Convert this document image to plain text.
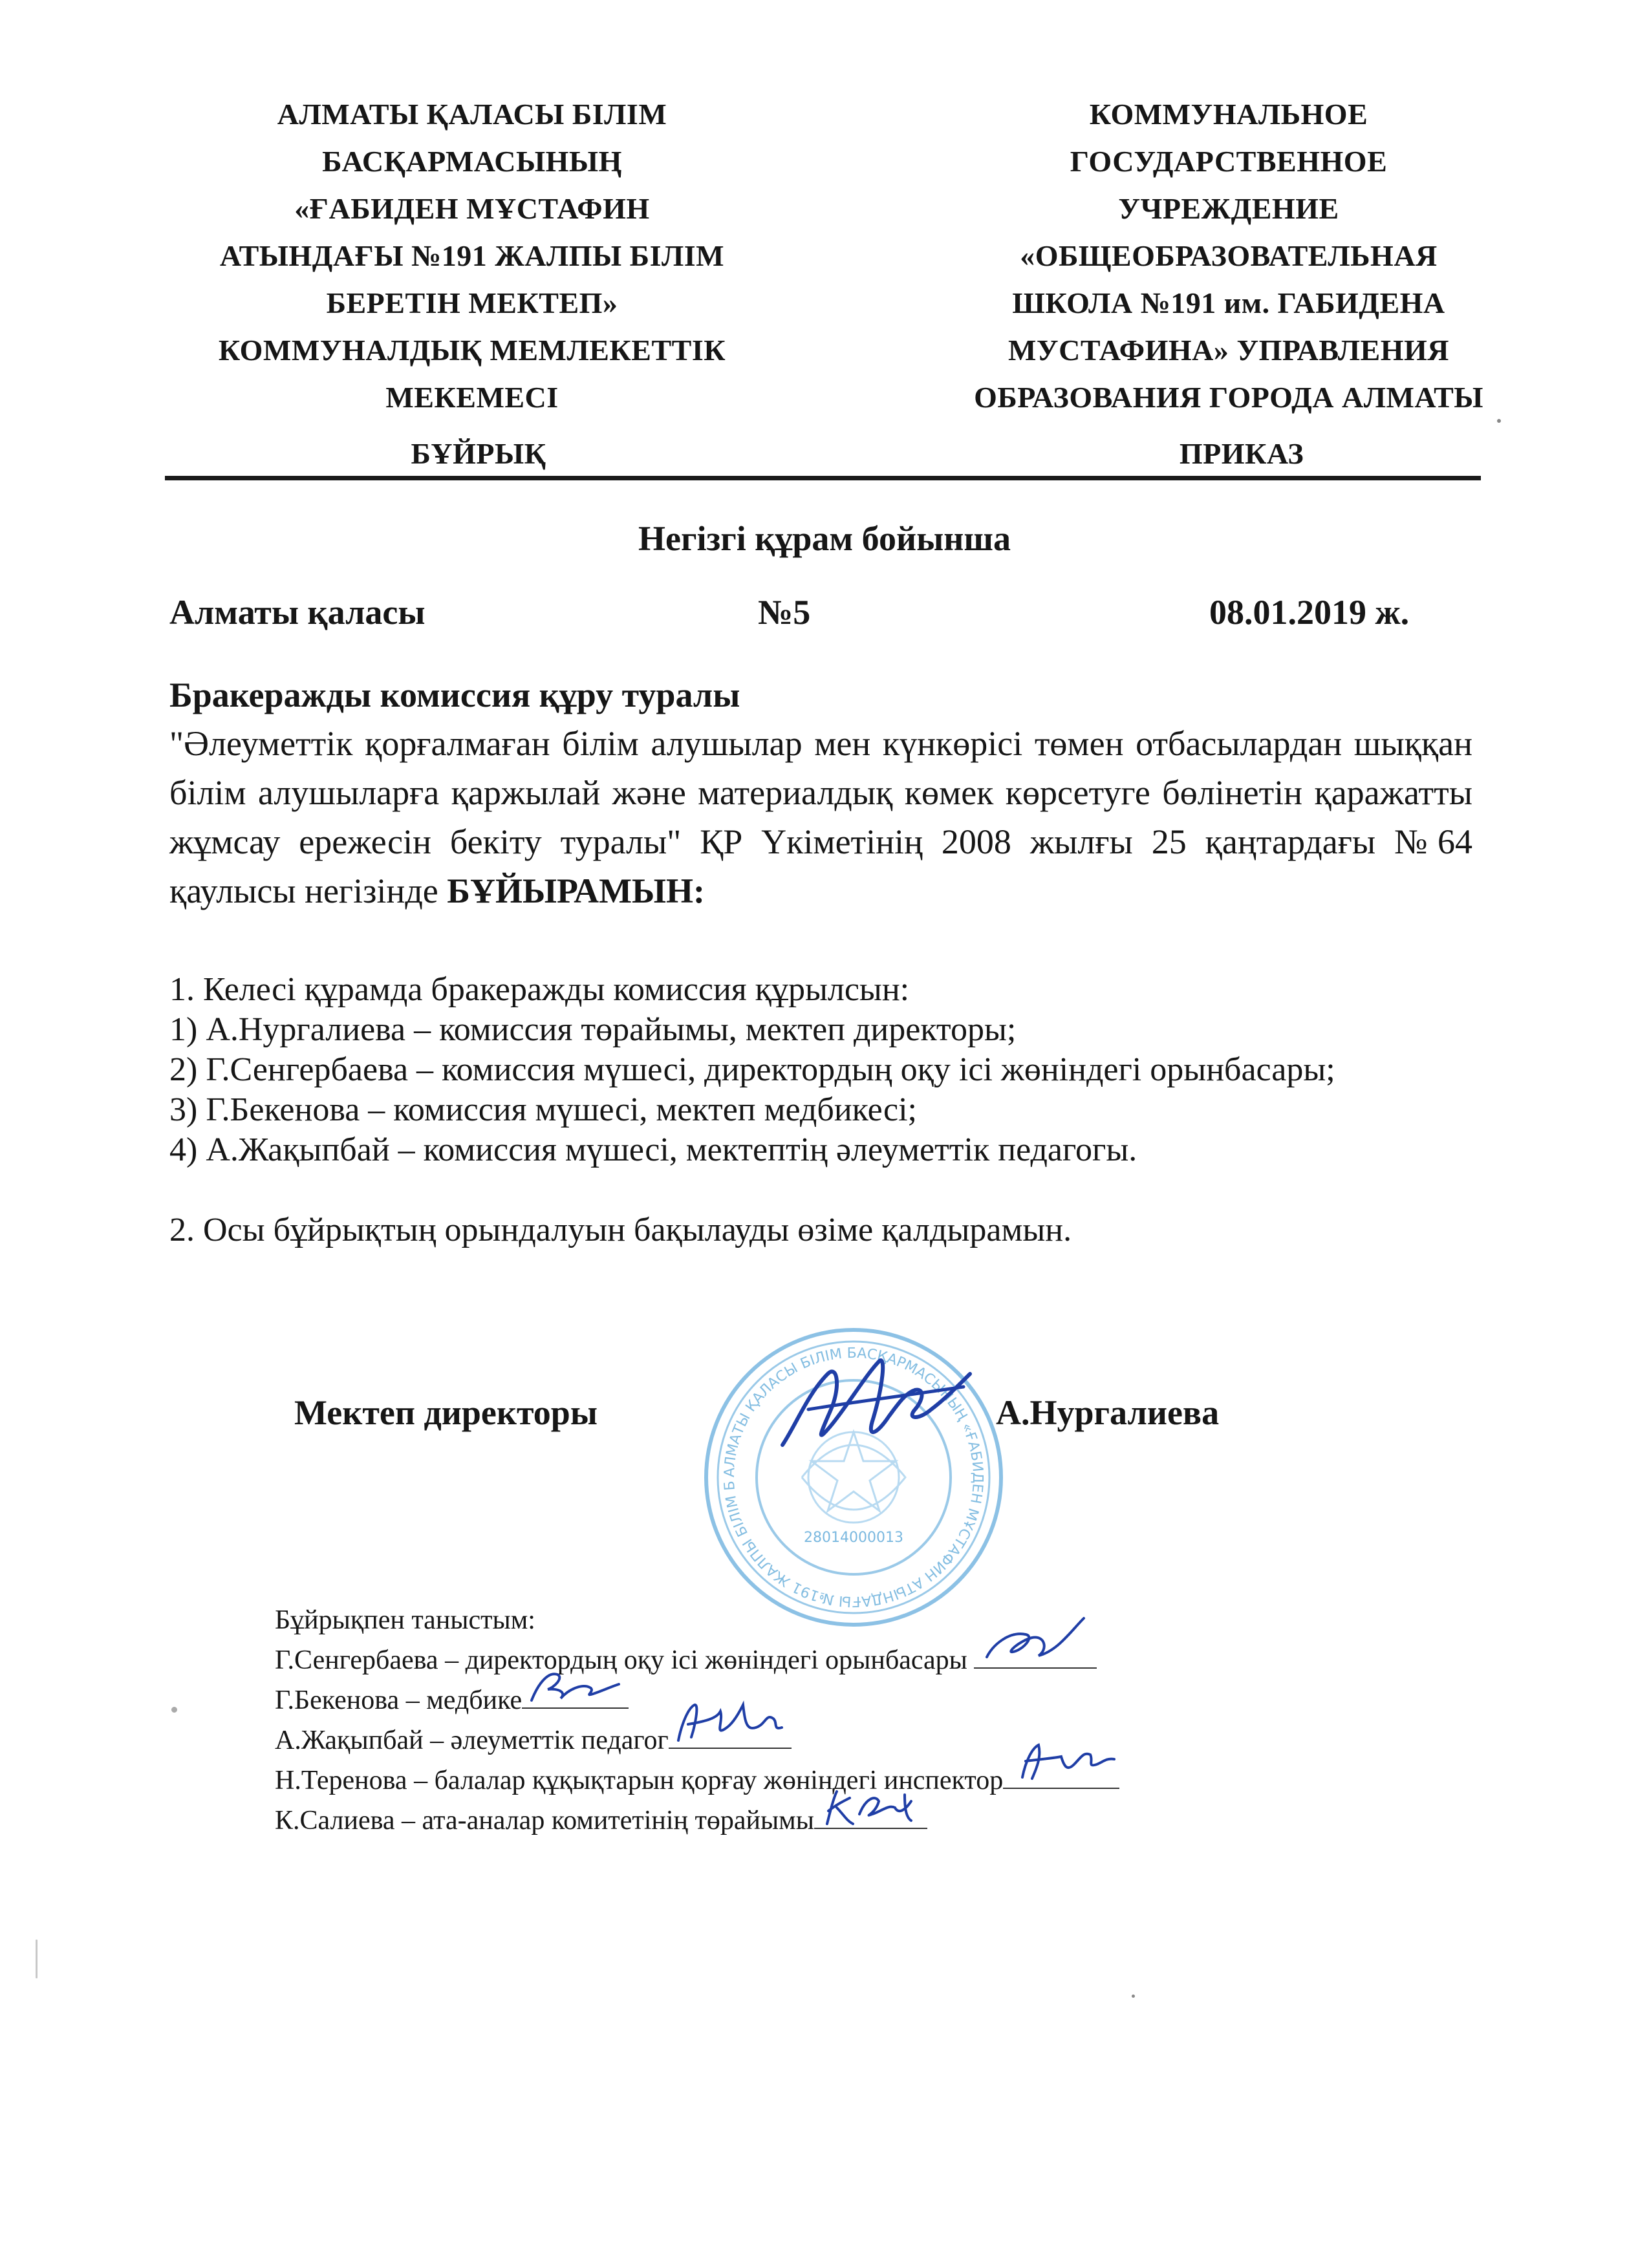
АЛМАТЫ ҚАЛАСЫ БІЛІМ
БАСҚАРМАСЫНЫҢ
«ҒАБИДЕН МҰСТАФИН
АТЫНДАҒЫ №191 ЖАЛПЫ БІЛІМ
БЕРЕТІН МЕКТЕП»
КОММУНАЛДЫҚ МЕМЛЕКЕТТІК
МЕКЕМЕСІ
КОММУНАЛЬНОЕ
ГОСУДАРСТВЕННОЕ
УЧРЕЖДЕНИЕ
«ОБЩЕОБРАЗОВАТЕЛЬНАЯ
ШКОЛА №191 им. ГАБИДЕНА
МУСТАФИНА» УПРАВЛЕНИЯ
ОБРАЗОВАНИЯ ГОРОДА АЛМАТЫ
БҰЙРЫҚ	ПРИКАЗ
Негізгі құрам бойынша
Алматы қаласы	№5	08.01.2019 ж.
Бракеражды комиссия құру туралы
"Әлеуметтік қорғалмаған білім алушылар мен күнкөрісі төмен отбасылардан шыққан білім алушыларға қаржылай және материалдық көмек көрсетуге бөлінетін қаражатты жұмсау ережесін бекіту туралы" ҚР Үкіметінің 2008 жылғы 25 қаңтардағы №64 қаулысы негізінде БҰЙЫРАМЫН:
1. Келесі құрамда бракеражды комиссия құрылсын:
1) А.Нургалиева – комиссия төрайымы, мектеп директоры;
2) Г.Сенгербаева – комиссия мүшесі, директордың оқу ісі жөніндегі орынбасары;
3) Г.Бекенова – комиссия мүшесі, мектеп медбикесі;
4) А.Жақыпбай – комиссия мүшесі, мектептің әлеуметтік педагогы.
2. Осы бұйрықтың орындалуын бақылауды өзіме қалдырамын.
АЛМАТЫ ҚАЛАСЫ БІЛІМ БАСҚАРМАСЫНЫҢ «ҒАБИДЕН МҰСТАФИН АТЫНДАҒЫ №191 ЖАЛПЫ БІЛІМ Б
28014000013
Мектеп директоры	А.Нургалиева
Бұйрықпен таныстым:
Г.Сенгербаева – директордың оқу ісі жөніндегі орынбасары
Г.Бекенова – медбике
А.Жақыпбай – әлеуметтік педагог
Н.Теренова – балалар құқықтарын қорғау жөніндегі инспектор
К.Салиева – ата-аналар комитетінің төрайымы
